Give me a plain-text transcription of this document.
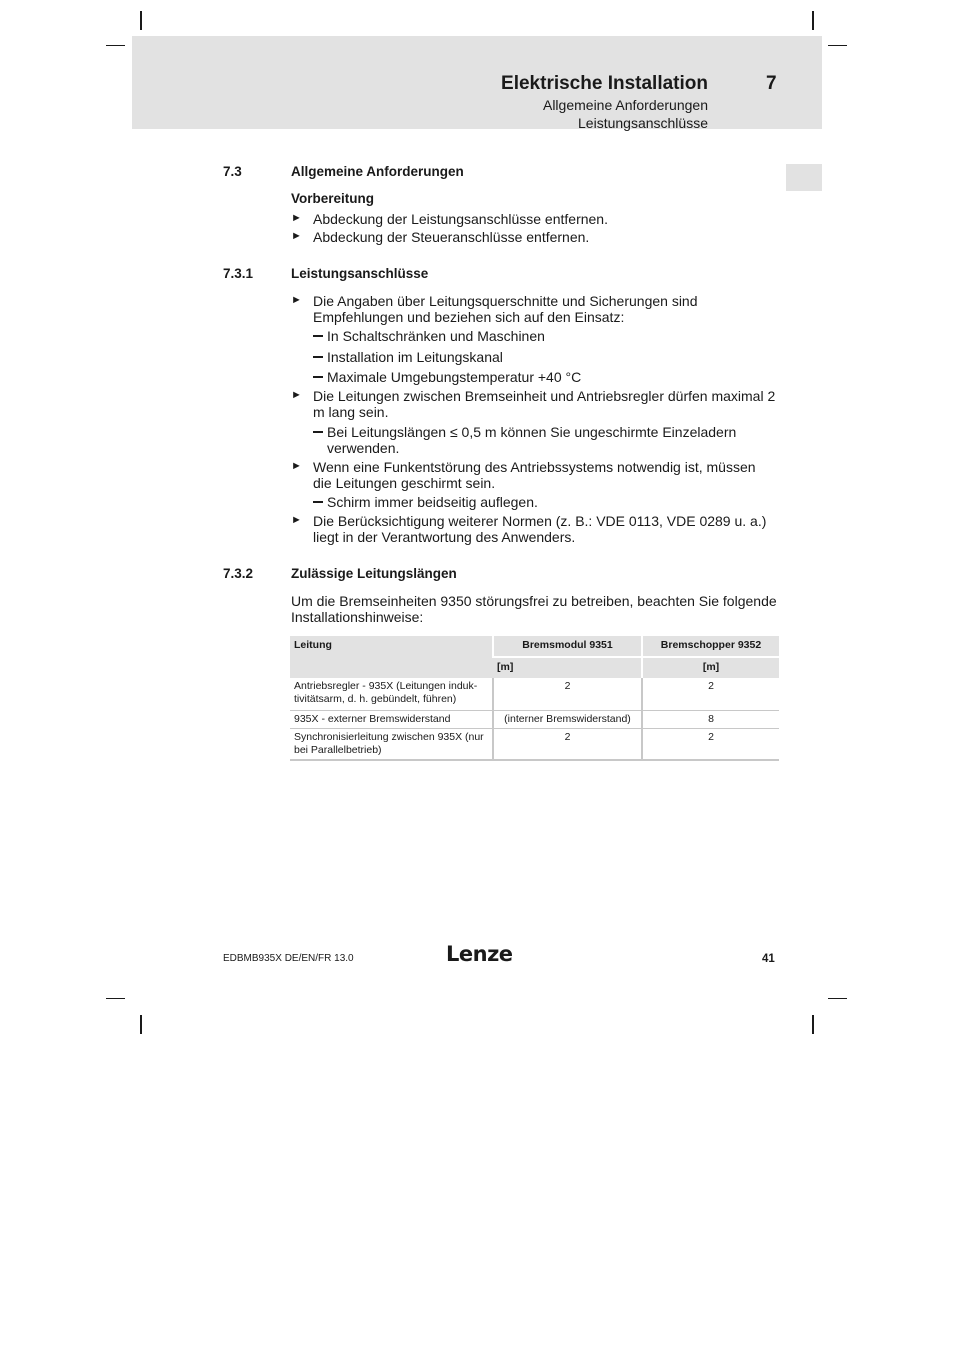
Elektrische Installation	7
Allgemeine Anforderungen
Leistungsanschlüsse
7.3	Allgemeine Anforderungen
Vorbereitung
► Abdeckung der Leistungsanschlüsse entfernen.
► Abdeckung der Steueranschlüsse entfernen.
7.3.1	Leistungsanschlüsse
► Die Angaben über Leitungsquerschnitte und Sicherungen sind Empfehlungen und beziehen sich auf den Einsatz:
In Schaltschränken und Maschinen
Installation im Leitungskanal
Maximale Umgebungstemperatur +40 °C
► Die Leitungen zwischen Bremseinheit und Antriebsregler dürfen maximal 2 m lang sein.
Bei Leitungslängen ≤ 0,5 m können Sie ungeschirmte Einzeladern verwenden.
► Wenn eine Funkentstörung des Antriebssystems notwendig ist, müssen die Leitungen geschirmt sein.
Schirm immer beidseitig auflegen.
► Die Berücksichtigung weiterer Normen (z. B.: VDE 0113, VDE 0289 u. a.) liegt in der Verantwortung des Anwenders.
7.3.2	Zulässige Leitungslängen
Um die Bremseinheiten 9350 störungsfrei zu betreiben, beachten Sie folgende Installationshinweise:
Leitung	Bremsmodul 9351	Bremschopper 9352
	[m]	[m]
Antriebsregler - 935X (Leitungen induk-tivitätsarm, d. h. gebündelt, führen)	2	2
935X - externer Bremswiderstand	(interner Bremswiderstand)	8
Synchronisierleitung zwischen 935X (nur bei Parallelbetrieb)	2	2
EDBMB935X DE/EN/FR 13.0	Lenze	41
